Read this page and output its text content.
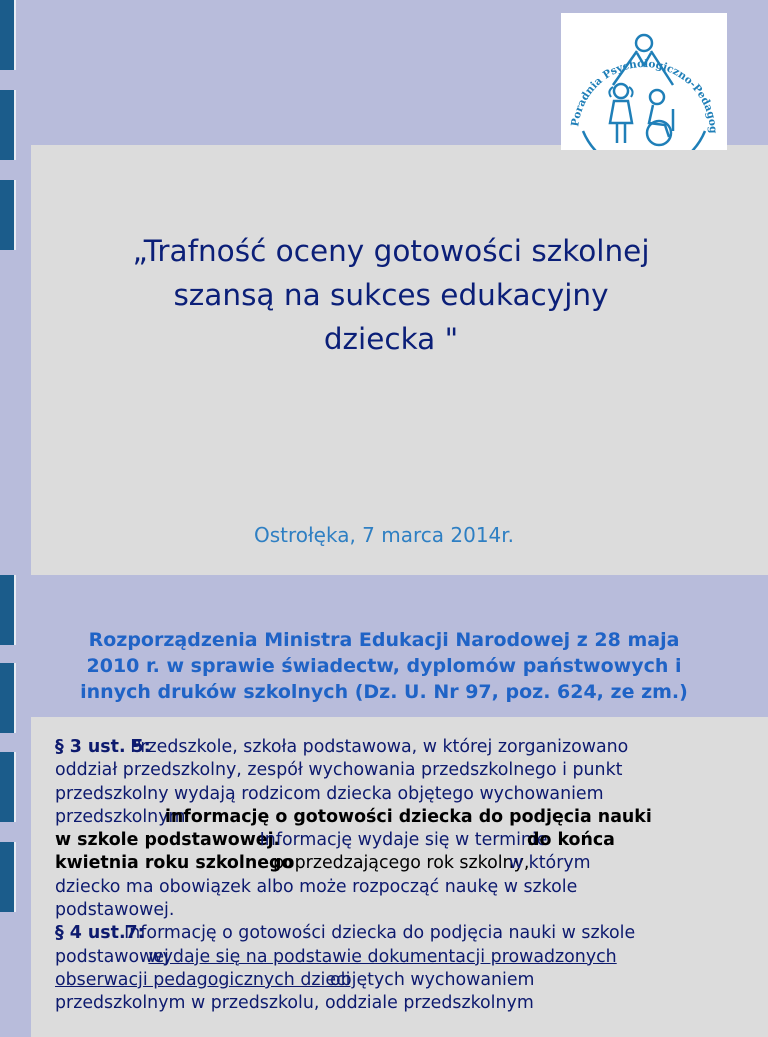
Poradnia Psychologiczno-Pedagog
„Trafność oceny gotowości szkolnej
szansą na sukces edukacyjny
dziecka "
Ostrołęka, 7 marca 2014r.
Rozporządzenia Ministra Edukacji Narodowej z 28 maja
2010 r. w sprawie świadectw, dyplomów państwowych i
innych druków szkolnych (Dz. U. Nr 97, poz. 624, ze zm.)
§ 3 ust. 5:
Przedszkole, szkoła podstawowa, w której zorganizowano
oddział przedszkolny, zespół wychowania przedszkolnego i punkt
przedszkolny wydają rodzicom dziecka objętego wychowaniem
przedszkolnym
informację o gotowości dziecka do podjęcia nauki
w szkole podstawowej.
Informację wydaje się w terminie
do końca
kwietnia roku szkolnego
poprzedzającego rok szkolny,
w którym
dziecko ma obowiązek albo może rozpocząć naukę w szkole
podstawowej.
§ 4 ust.7:
Informację o gotowości dziecka do podjęcia nauki w szkole
podstawowej
wydaje się na podstawie dokumentacji prowadzonych
obserwacji pedagogicznych dzieci
objętych wychowaniem
przedszkolnym w przedszkolu, oddziale przedszkolnym
